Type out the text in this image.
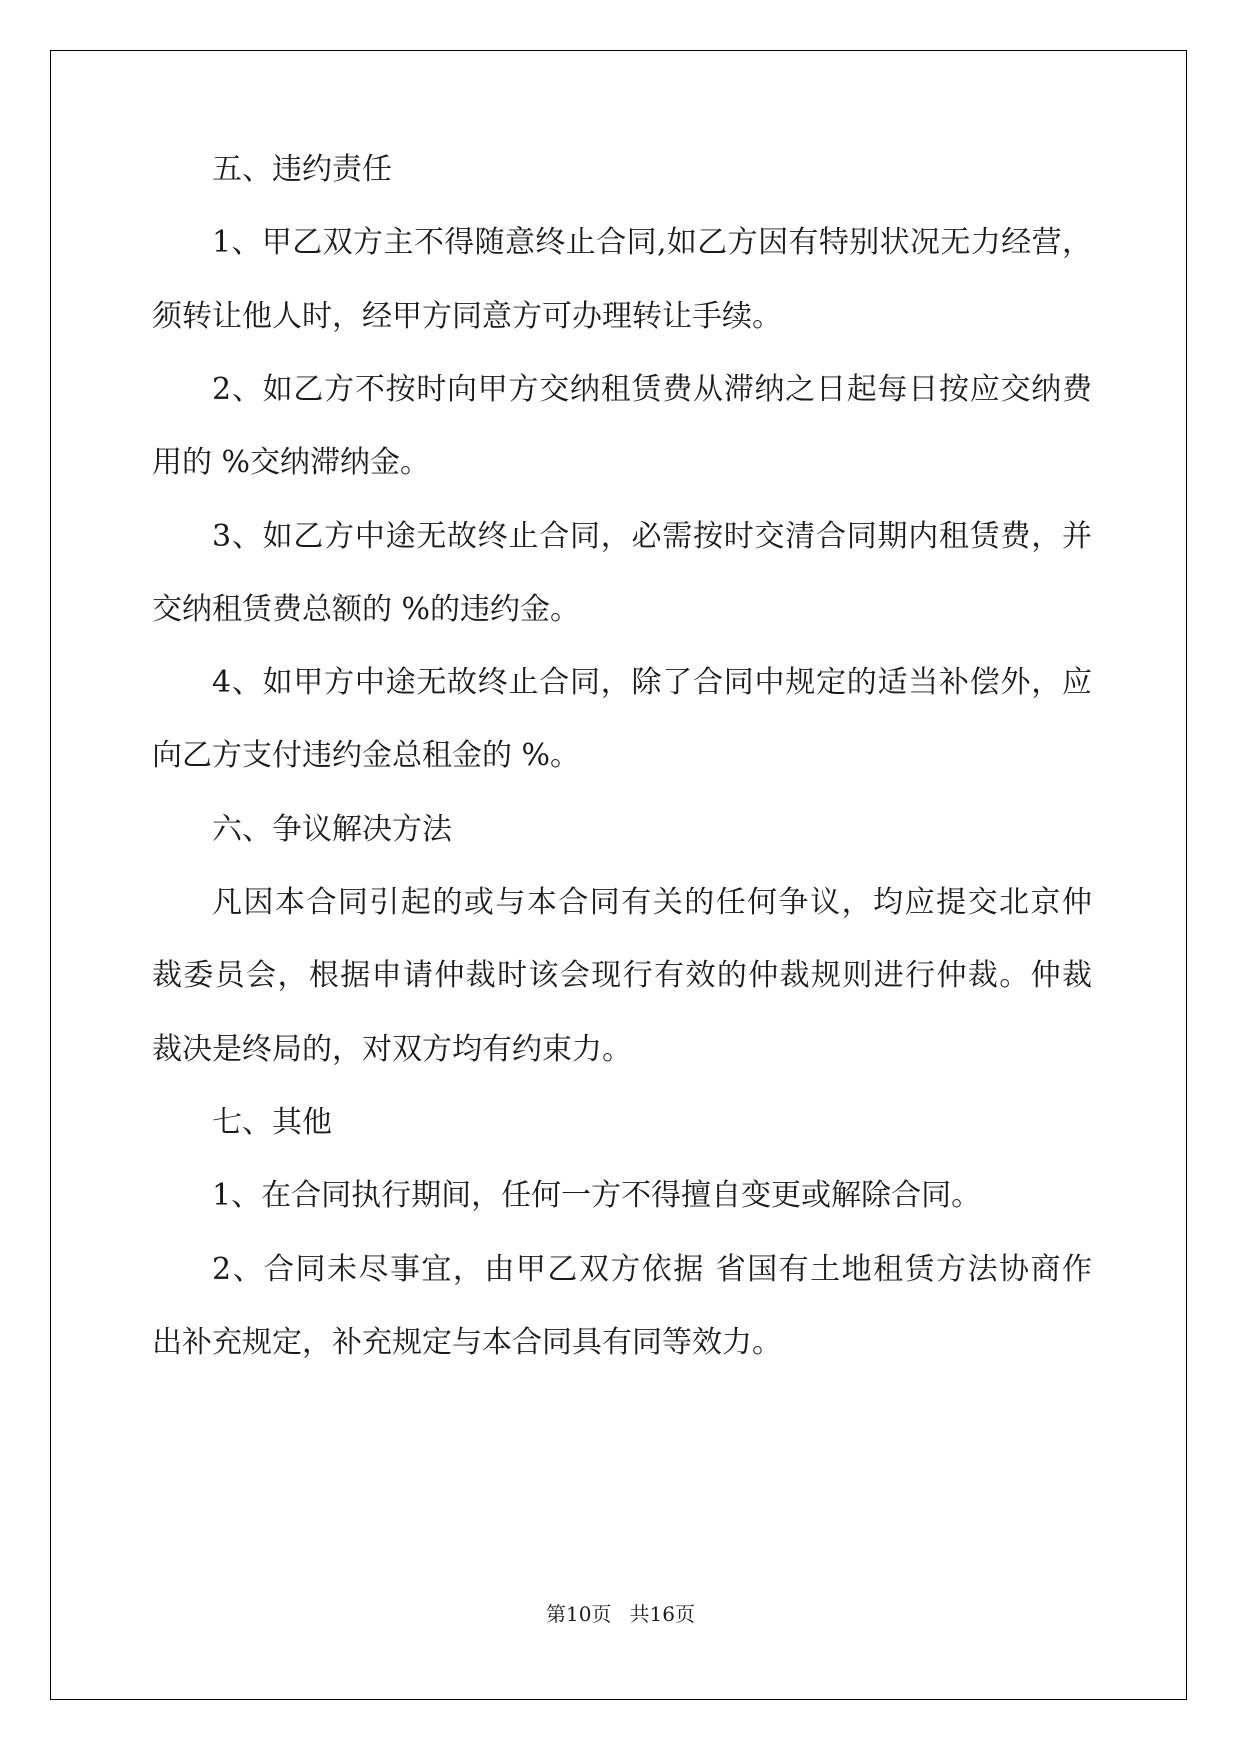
五、违约责任
1、甲乙双方主不得随意终止合同,如乙方因有特别状况无力经营，
须转让他人时，经甲方同意方可办理转让手续。
2、如乙方不按时向甲方交纳租赁费从滞纳之日起每日按应交纳费
用的 %交纳滞纳金。
3、如乙方中途无故终止合同，必需按时交清合同期内租赁费，并
交纳租赁费总额的 %的违约金。
4、如甲方中途无故终止合同，除了合同中规定的适当补偿外，应
向乙方支付违约金总租金的 %。
六、争议解决方法
凡因本合同引起的或与本合同有关的任何争议，均应提交北京仲
裁委员会，根据申请仲裁时该会现行有效的仲裁规则进行仲裁。仲裁
裁决是终局的，对双方均有约束力。
七、其他
1、在合同执行期间，任何一方不得擅自变更或解除合同。
2、合同未尽事宜，由甲乙双方依据 省国有土地租赁方法协商作
出补充规定，补充规定与本合同具有同等效力。
第10页 共16页
